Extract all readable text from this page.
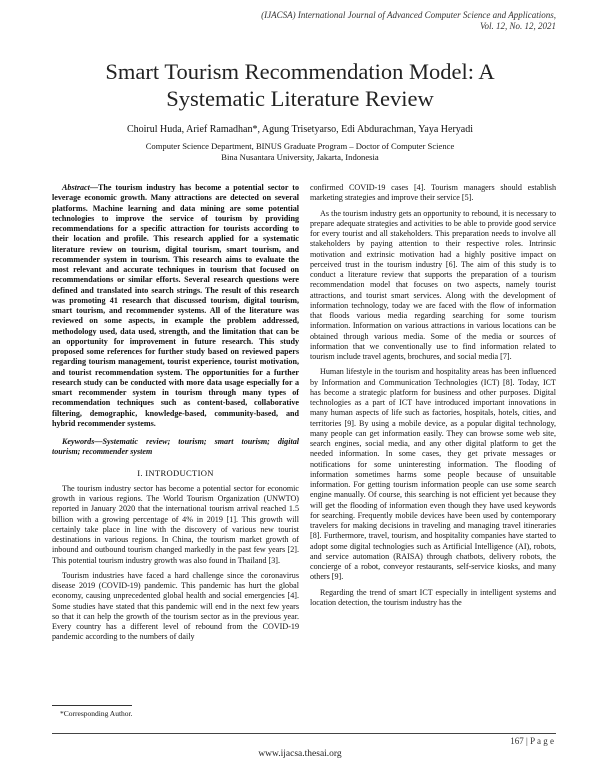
(IJACSA) International Journal of Advanced Computer Science and Applications,
Vol. 12, No. 12, 2021
Smart Tourism Recommendation Model: A
Systematic Literature Review
Choirul Huda, Arief Ramadhan*, Agung Trisetyarso, Edi Abdurachman, Yaya Heryadi
Computer Science Department, BINUS Graduate Program – Doctor of Computer Science
Bina Nusantara University, Jakarta, Indonesia

Abstract—The tourism industry has become a potential sector to leverage economic growth. Many attractions are detected on several platforms. Machine learning and data mining are some potential technologies to improve the service of tourism by providing recommendations for a specific attraction for tourists according to their location and profile. This research applied for a systematic literature review on tourism, digital tourism, smart tourism, and recommender system in tourism. This research aims to evaluate the most relevant and accurate techniques in tourism that focused on recommendations or similar efforts. Several research questions were defined and translated into search strings. The result of this research was promoting 41 research that discussed tourism, digital tourism, smart tourism, and recommender systems. All of the literature was reviewed on some aspects, in example the problem addressed, methodology used, data used, strength, and the limitation that can be an opportunity for improvement in future research. This study proposed some references for further study based on reviewed papers regarding tourism management, tourist experience, tourist motivation, and tourist recommendation system. The opportunities for a further research study can be conducted with more data usage especially for a smart recommender system in tourism through many types of recommendation techniques such as content-based, collaborative filtering, demographic, knowledge-based, community-based, and hybrid recommender systems.

Keywords—Systematic review; tourism; smart tourism; digital tourism; recommender system

I. INTRODUCTION

The tourism industry sector has become a potential sector for economic growth in various regions. The World Tourism Organization (UNWTO) reported in January 2020 that the international tourism arrival reached 1.5 billion with a growing percentage of 4% in 2019 [1]. This growth will certainly take place in line with the discovery of various new tourist destinations in various regions. In China, the tourism market growth of inbound and outbound tourism changed markedly in the past few years [2]. This potential tourism industry growth was also found in Thailand [3].

Tourism industries have faced a hard challenge since the coronavirus disease 2019 (COVID-19) pandemic. This pandemic has hurt the global economy, causing unprecedented global health and social emergencies [4]. Some studies have stated that this pandemic will end in the next few years so that it can help the growth of the tourism sector as in the previous year. Every country has a different level of rebound from the COVID-19 pandemic according to the numbers of daily

confirmed COVID-19 cases [4]. Tourism managers should establish marketing strategies and improve their service [5].

As the tourism industry gets an opportunity to rebound, it is necessary to prepare adequate strategies and activities to be able to provide good service for every tourist and all stakeholders. This preparation needs to involve all stakeholders by paying attention to their respective roles. Intrinsic motivation and extrinsic motivation had a highly positive impact on perceived trust in the tourism industry [6]. The aim of this study is to conduct a literature review that supports the preparation of a tourism recommendation model that focuses on two aspects, namely tourist attractions, and tourist smart services. Along with the development of information technology, today we are faced with the flow of information that floods various media regarding searching for some tourism information. Information on various attractions in various locations can be obtained through various media. Some of the media or sources of information that we conventionally use to find information related to tourism include travel agents, brochures, and social media [7].

Human lifestyle in the tourism and hospitality areas has been influenced by Information and Communication Technologies (ICT) [8]. Today, ICT has become a strategic platform for business and other purposes. Digital technologies as a part of ICT have introduced important innovations in many human aspects of life such as factories, hospitals, hotels, cities, and territories [9]. By using a mobile device, as a popular digital technology, many people can get information easily. They can browse some web site, search engines, social media, and any other digital platform to get the needed information. In some cases, they get private messages or notifications for some uninteresting information. The flooding of information sometimes harms some people because of unsuitable information. For getting tourism information people can use some search engine manually. Of course, this searching is not efficient yet because they will get the flooding of information even though they have used keywords for searching. Frequently mobile devices have been used by contemporary travelers for making decisions in traveling and managing travel itineraries [8]. Furthermore, travel, tourism, and hospitality companies have started to adopt some digital technologies such as Artificial Intelligence (AI), robots, and service automation (RAISA) through chatbots, delivery robots, the concierge of a robot, conveyor restaurants, self-service kiosks, and many others [9].

Regarding the trend of smart ICT especially in intelligent systems and location detection, the tourism industry has the

*Corresponding Author.
167 | P a g e
www.ijacsa.thesai.org
